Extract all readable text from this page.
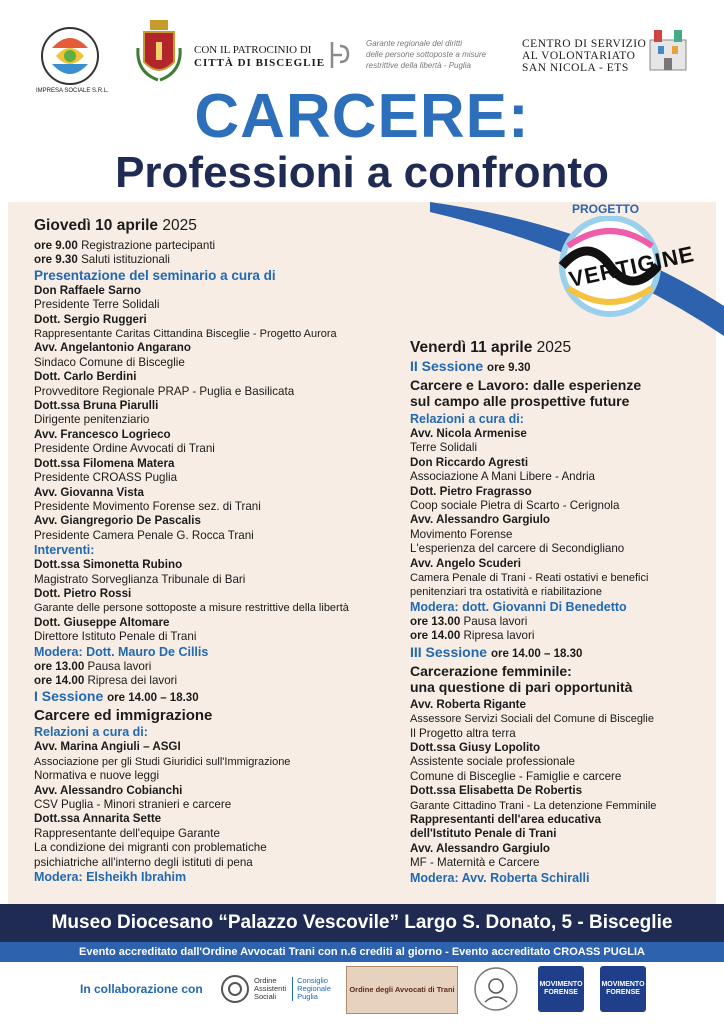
IMPRESA SOCIALE S.R.L.
CON IL PATROCINIO DI
CITTÀ DI BISCEGLIE
Garante regionale dei diritti
delle persone sottoposte a misure
restrittive della libertà - Puglia
CENTRO DI SERVIZIO
AL VOLONTARIATO
SAN NICOLA - ETS
CARCERE:
Professioni a confronto
PROGETTO
VERTIGINE
Giovedì 10 aprile 2025
ore 9.00 Registrazione partecipanti
ore 9.30 Saluti istituzionali
Presentazione del seminario a cura di
Don Raffaele Sarno
Presidente Terre Solidali
Dott. Sergio Ruggeri
Rappresentante Caritas Cittandina Bisceglie - Progetto Aurora
Avv. Angelantonio Angarano
Sindaco Comune di Bisceglie
Dott. Carlo Berdini
Provveditore Regionale PRAP - Puglia e Basilicata
Dott.ssa Bruna Piarulli
Dirigente penitenziario
Avv. Francesco Logrieco
Presidente Ordine Avvocati di Trani
Dott.ssa Filomena Matera
Presidente CROASS Puglia
Avv. Giovanna Vista
Presidente Movimento Forense sez. di Trani
Avv. Giangregorio De Pascalis
Presidente Camera Penale G. Rocca Trani
Interventi:
Dott.ssa Simonetta Rubino
Magistrato Sorveglianza Tribunale di Bari
Dott. Pietro Rossi
Garante delle persone sottoposte a misure restrittive della libertà
Dott. Giuseppe Altomare
Direttore Istituto Penale di Trani
Modera: Dott. Mauro De Cillis
ore 13.00 Pausa lavori
ore 14.00 Ripresa dei lavori
I Sessione ore 14.00 – 18.30
Carcere ed immigrazione
Relazioni a cura di:
Avv. Marina Angiuli – ASGI
Associazione per gli Studi Giuridici sull'Immigrazione
Normativa e nuove leggi
Avv. Alessandro Cobianchi
CSV Puglia - Minori stranieri e carcere
Dott.ssa Annarita Sette
Rappresentante dell'equipe Garante
La condizione dei migranti con problematiche
psichiatriche all'interno degli istituti di pena
Modera: Elsheikh Ibrahim
Venerdì 11 aprile 2025
II Sessione ore 9.30
Carcere e Lavoro: dalle esperienze
sul campo alle prospettive future
Relazioni a cura di:
Avv. Nicola Armenise
Terre Solidali
Don Riccardo Agresti
Associazione A Mani Libere - Andria
Dott. Pietro Fragrasso
Coop sociale Pietra di Scarto - Cerignola
Avv. Alessandro Gargiulo
Movimento Forense
L'esperienza del carcere di Secondigliano
Avv. Angelo Scuderi
Camera Penale di Trani - Reati ostativi e benefici
penitenziari tra ostatività e riabilitazione
Modera: dott. Giovanni Di Benedetto
ore 13.00 Pausa lavori
ore 14.00 Ripresa lavori
III Sessione ore 14.00 – 18.30
Carcerazione femminile:
una questione di pari opportunità
Avv. Roberta Rigante
Assessore Servizi Sociali del Comune di Bisceglie
Il Progetto altra terra
Dott.ssa Giusy Lopolito
Assistente sociale professionale
Comune di Bisceglie - Famiglie e carcere
Dott.ssa Elisabetta De Robertis
Garante Cittadino Trani - La detenzione Femminile
Rappresentanti dell'area educativa
dell'Istituto Penale di Trani
Avv. Alessandro Gargiulo
MF - Maternità e Carcere
Modera: Avv. Roberta Schiralli
Museo Diocesano “Palazzo Vescovile” Largo S. Donato, 5 - Bisceglie
Evento accreditato dall'Ordine Avvocati Trani con n.6 crediti al giorno - Evento accreditato CROASS PUGLIA
In collaborazione con
Ordine
Assistenti
Sociali
Consiglio
Regionale
Puglia
Ordine degli Avvocati di Trani
MOVIMENTO
FORENSE
MOVIMENTO
FORENSE
